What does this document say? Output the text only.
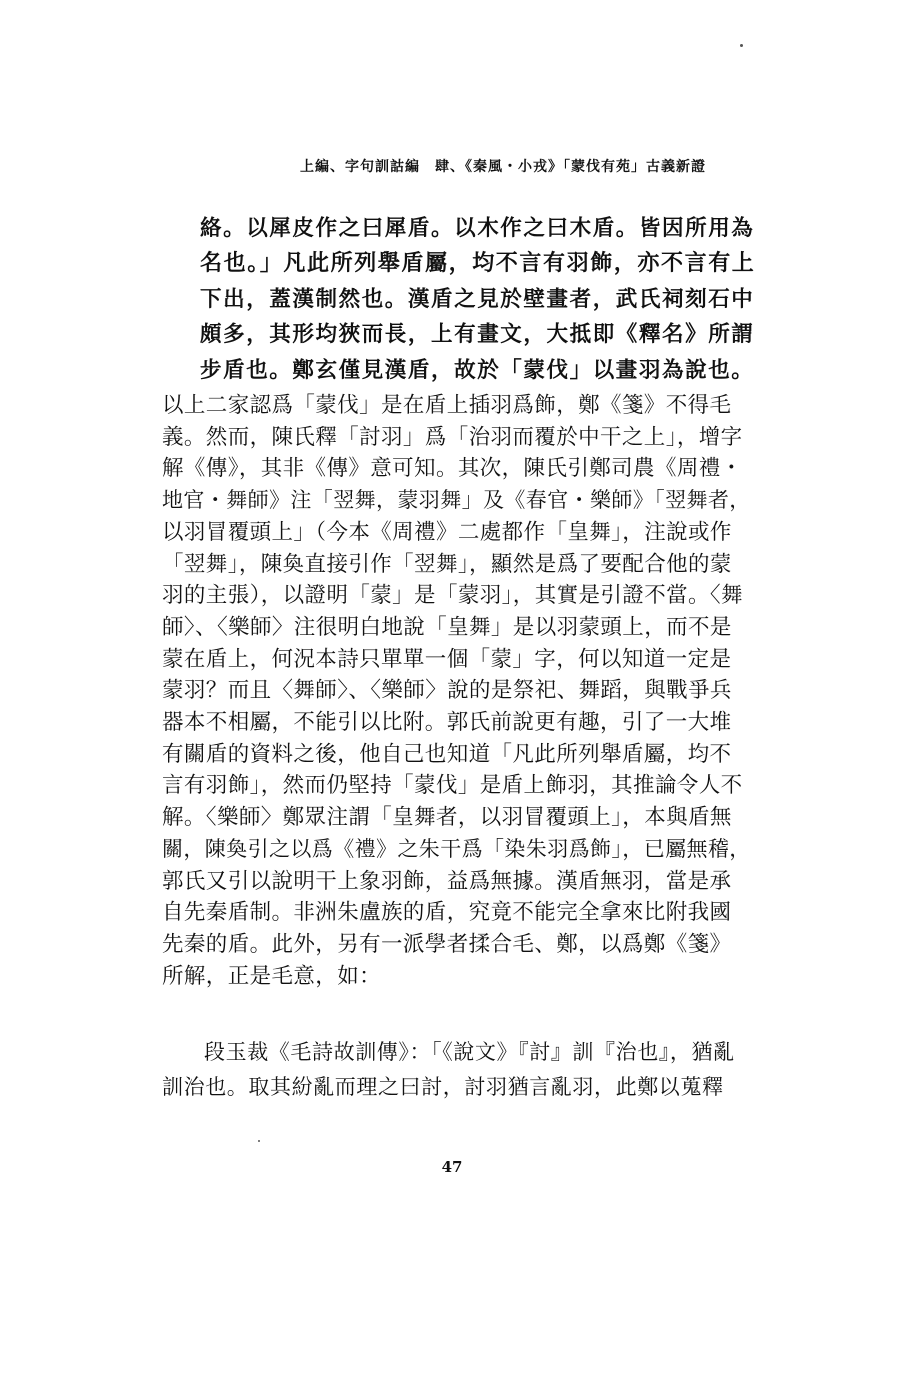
上編、字句訓詁編　肆、《秦風・小戎》「蒙伐有苑」古義新證
絡。以犀皮作之曰犀盾。以木作之曰木盾。皆因所用為
名也。」凡此所列舉盾屬，均不言有羽飾，亦不言有上
下出，蓋漢制然也。漢盾之見於壁畫者，武氏祠刻石中
頗多，其形均狹而長，上有畫文，大抵即《釋名》所謂
步盾也。鄭玄僅見漢盾，故於「蒙伐」以畫羽為說也。
以上二家認爲「蒙伐」是在盾上插羽爲飾，鄭《箋》不得毛
義。然而，陳氏釋「討羽」爲「治羽而覆於中干之上」，增字
解《傳》，其非《傳》意可知。其次，陳氏引鄭司農《周禮・
地官・舞師》注「翌舞，蒙羽舞」及《春官・樂師》「翌舞者，
以羽冒覆頭上」（今本《周禮》二處都作「皇舞」，注說或作
「翌舞」，陳奐直接引作「翌舞」，顯然是爲了要配合他的蒙
羽的主張），以證明「蒙」是「蒙羽」，其實是引證不當。〈舞
師〉、〈樂師〉注很明白地說「皇舞」是以羽蒙頭上，而不是
蒙在盾上，何況本詩只單單一個「蒙」字，何以知道一定是
蒙羽？而且〈舞師〉、〈樂師〉說的是祭祀、舞蹈，與戰爭兵
器本不相屬，不能引以比附。郭氏前說更有趣，引了一大堆
有關盾的資料之後，他自己也知道「凡此所列舉盾屬，均不
言有羽飾」，然而仍堅持「蒙伐」是盾上飾羽，其推論令人不
解。〈樂師〉鄭眾注謂「皇舞者，以羽冒覆頭上」，本與盾無
關，陳奐引之以爲《禮》之朱干爲「染朱羽爲飾」，已屬無稽，
郭氏又引以說明干上象羽飾，益爲無據。漢盾無羽，當是承
自先秦盾制。非洲朱盧族的盾，究竟不能完全拿來比附我國
先秦的盾。此外，另有一派學者揉合毛、鄭，以爲鄭《箋》
所解，正是毛意，如：
段玉裁《毛詩故訓傳》：「《說文》『討』訓『治也』，猶亂
訓治也。取其紛亂而理之曰討，討羽猶言亂羽，此鄭以蒐釋
47
